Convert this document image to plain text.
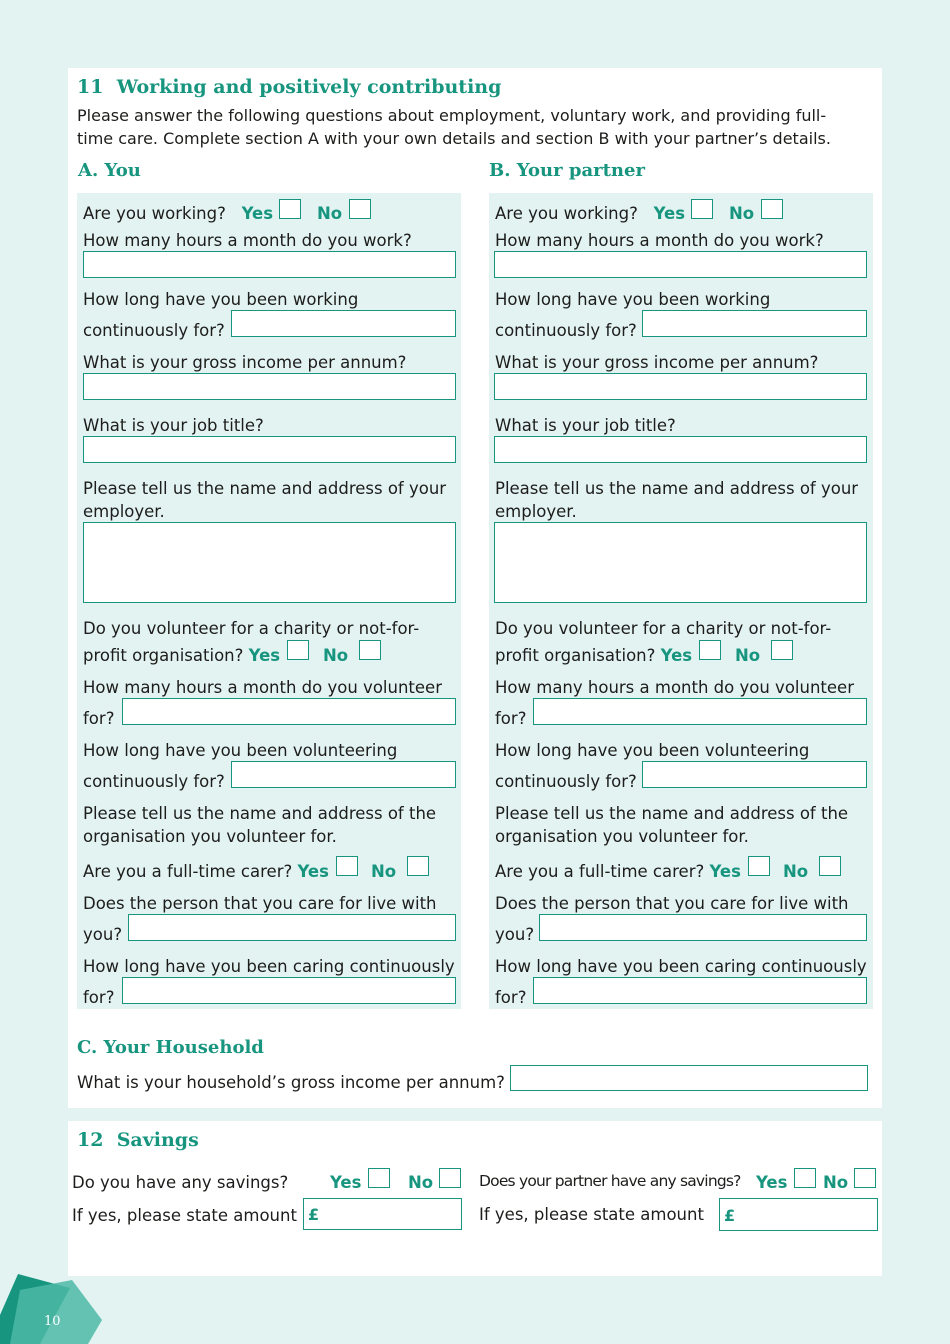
11 Working and positively contributing
Please answer the following questions about employment, voluntary work, and providing full-
time care. Complete section A with your own details and section B with your partner’s details.
A. You	B. Your partner
Are you working? Yes	No
How many hours a month do you work?
How long have you been working
continuously for?
What is your gross income per annum?
What is your job title?
Please tell us the name and address of your
employer.
Do you volunteer for a charity or not-for-
profit organisation? Yes	No
How many hours a month do you volunteer
for?
How long have you been volunteering
continuously for?
Please tell us the name and address of the
organisation you volunteer for.
Are you a full-time carer? Yes	No
Does the person that you care for live with
you?
How long have you been caring continuously
for?
Are you working? Yes	No
How many hours a month do you work?
How long have you been working
continuously for?
What is your gross income per annum?
What is your job title?
Please tell us the name and address of your
employer.
Do you volunteer for a charity or not-for-
profit organisation? Yes	No
How many hours a month do you volunteer
for?
How long have you been volunteering
continuously for?
Please tell us the name and address of the
organisation you volunteer for.
Are you a full-time carer? Yes	No
Does the person that you care for live with
you?
How long have you been caring continuously
for?
C. Your Household
What is your household’s gross income per annum?
12 Savings
Do you have any savings?	Yes	No
If yes, please state amount £
Does your partner have any savings? Yes No
If yes, please state amount £
10
